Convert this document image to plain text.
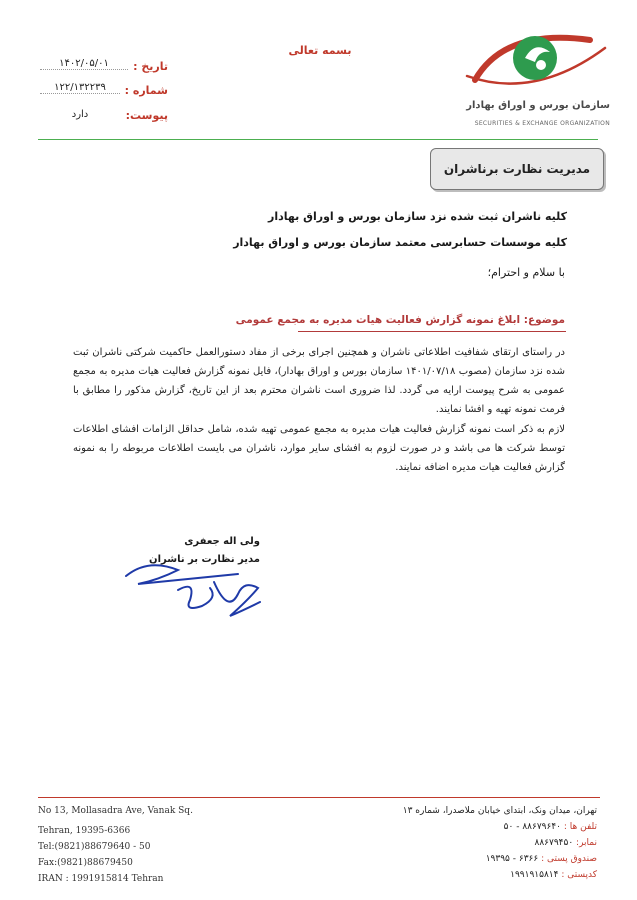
بسمه تعالی
تاریخ :
۱۴۰۲/۰۵/۰۱
شماره :
۱۲۲/۱۳۲۲۳۹
پیوست:
دارد
سازمان بورس و اوراق بهادار
SECURITIES & EXCHANGE ORGANIZATION
مدیریت نظارت برناشران
کلیه ناشران ثبت شده نزد سازمان بورس و اوراق بهادار
کلیه موسسات حسابرسی معتمد سازمان بورس و اوراق بهادار
با سلام و احترام؛
موضوع: ابلاغ نمونه گزارش فعالیت هیات مدیره به مجمع عمومی
در راستای ارتقای شفافیت اطلاعاتی ناشران و همچنین اجرای برخی از مفاد دستورالعمل حاکمیت شرکتی ناشران ثبت شده نزد سازمان (مصوب ۱۴۰۱/۰۷/۱۸ سازمان بورس و اوراق بهادار)، فایل نمونه گزارش فعالیت هیات مدیره به مجمع عمومی به شرح پیوست ارایه می گردد. لذا ضروری است ناشران محترم بعد از این تاریخ، گزارش مذکور را مطابق با فرمت نمونه تهیه و افشا نمایند.
لازم به ذکر است نمونه گزارش فعالیت هیات مدیره به مجمع عمومی تهیه شده، شامل حداقل الزامات افشای اطلاعات توسط شرکت ها می باشد و در صورت لزوم به افشای سایر موارد، ناشران می بایست اطلاعات مربوطه را به نمونه گزارش فعالیت هیات مدیره اضافه نمایند.
ولی اله جعفری
مدیر نظارت بر ناشران
No 13, Mollasadra Ave, Vanak Sq.
Tehran, 19395-6366
Tel:(9821)88679640 - 50
Fax:(9821)88679450
IRAN : 1991915814 Tehran
تهران، میدان ونک، ابتدای خیابان ملاصدرا، شماره ۱۳
تلفن ها : ۸۸۶۷۹۶۴۰ - ۵۰
نمابر: ۸۸۶۷۹۴۵۰
صندوق پستی : ۶۳۶۶ - ۱۹۳۹۵
کدپستی : ۱۹۹۱۹۱۵۸۱۴
